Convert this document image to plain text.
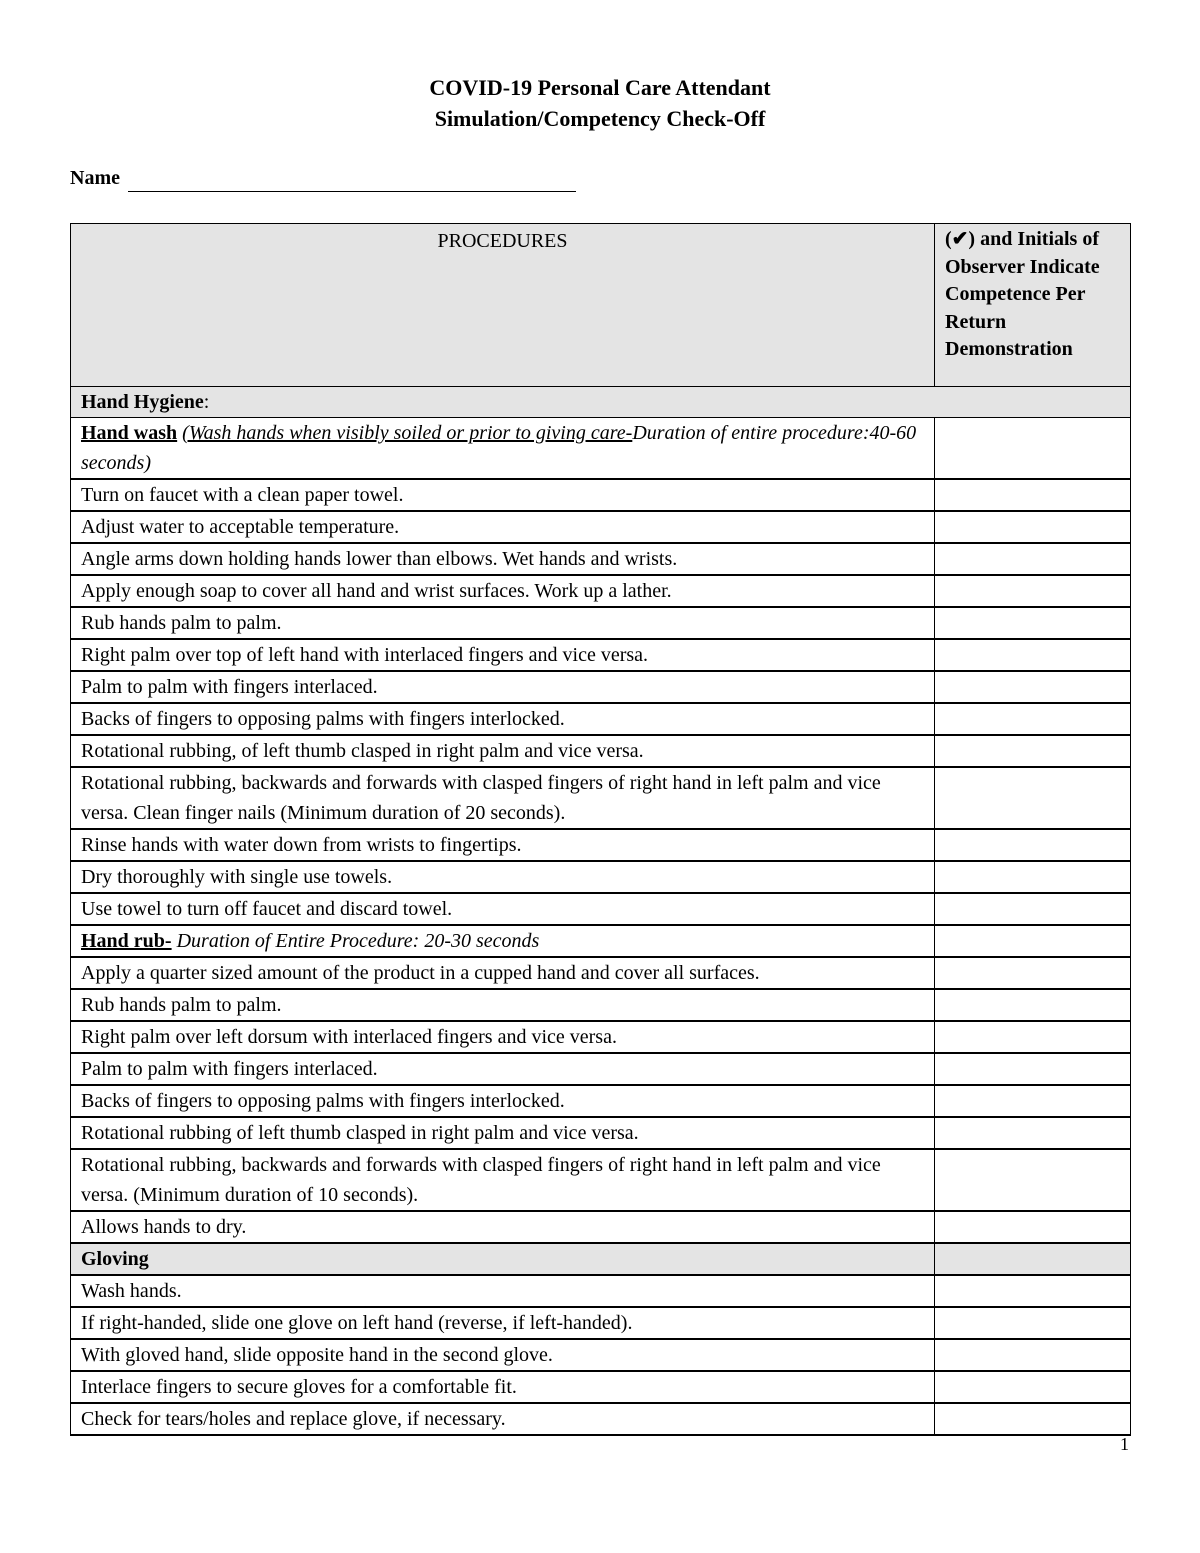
COVID-19 Personal Care Attendant
Simulation/Competency Check-Off
Name
PROCEDURES	(✔) and Initials of Observer Indicate Competence Per Return Demonstration
Hand Hygiene:	
Hand wash (Wash hands when visibly soiled or prior to giving care-Duration of entire procedure:40-60 seconds)	
Turn on faucet with a clean paper towel.	
Adjust water to acceptable temperature.	
Angle arms down holding hands lower than elbows. Wet hands and wrists.	
Apply enough soap to cover all hand and wrist surfaces. Work up a lather.	
Rub hands palm to palm.	
Right palm over top of left hand with interlaced fingers and vice versa.	
Palm to palm with fingers interlaced.	
Backs of fingers to opposing palms with fingers interlocked.	
Rotational rubbing, of left thumb clasped in right palm and vice versa.	
Rotational rubbing, backwards and forwards with clasped fingers of right hand in left palm and vice versa. Clean finger nails (Minimum duration of 20 seconds).	
Rinse hands with water down from wrists to fingertips.	
Dry thoroughly with single use towels.	
Use towel to turn off faucet and discard towel.	
Hand rub- Duration of Entire Procedure: 20-30 seconds	
Apply a quarter sized amount of the product in a cupped hand and cover all surfaces.	
Rub hands palm to palm.	
Right palm over left dorsum with interlaced fingers and vice versa.	
Palm to palm with fingers interlaced.	
Backs of fingers to opposing palms with fingers interlocked.	
Rotational rubbing of left thumb clasped in right palm and vice versa.	
Rotational rubbing, backwards and forwards with clasped fingers of right hand in left palm and vice versa. (Minimum duration of 10 seconds).	
Allows hands to dry.	
Gloving	
Wash hands.	
If right-handed, slide one glove on left hand (reverse, if left-handed).	
With gloved hand, slide opposite hand in the second glove.	
Interlace fingers to secure gloves for a comfortable fit.	
Check for tears/holes and replace glove, if necessary.	
1
